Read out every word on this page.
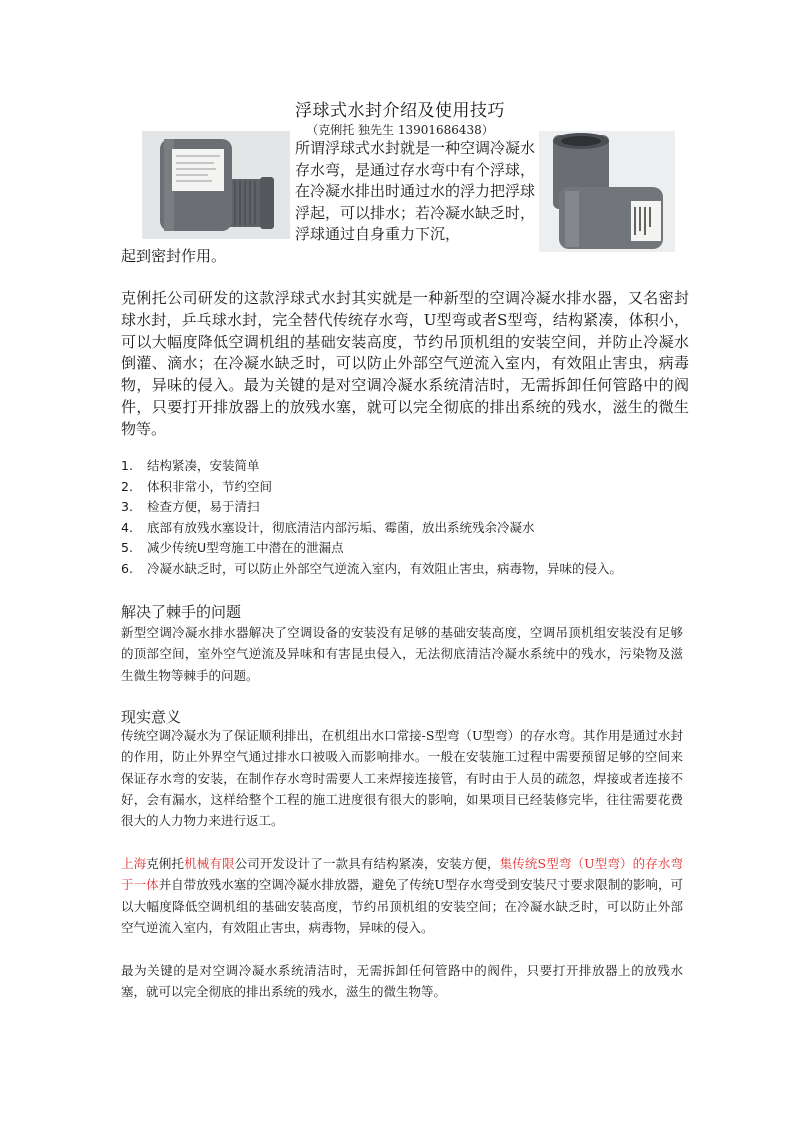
浮球式水封介绍及使用技巧
（克俐托 独先生 13901686438）
所谓浮球式水封就是一种空调冷凝水存水弯，是通过存水弯中有个浮球，在冷凝水排出时通过水的浮力把浮球浮起，可以排水；若冷凝水缺乏时，浮球通过自身重力下沉，
起到密封作用。
克俐托公司研发的这款浮球式水封其实就是一种新型的空调冷凝水排水器，又名密封球水封，乒乓球水封，完全替代传统存水弯，U型弯或者S型弯，结构紧凑，体积小，可以大幅度降低空调机组的基础安装高度，节约吊顶机组的安装空间，并防止冷凝水倒灌、滴水；在冷凝水缺乏时，可以防止外部空气逆流入室内，有效阻止害虫，病毒物，异味的侵入。最为关键的是对空调冷凝水系统清洁时，无需拆卸任何管路中的阀件，只要打开排放器上的放残水塞，就可以完全彻底的排出系统的残水，滋生的微生物等。
1. 结构紧凑，安装简单
2. 体积非常小，节约空间
3. 检查方便，易于清扫
4. 底部有放残水塞设计，彻底清洁内部污垢、霉菌，放出系统残余冷凝水
5. 减少传统U型弯施工中潜在的泄漏点
6. 冷凝水缺乏时，可以防止外部空气逆流入室内，有效阻止害虫，病毒物，异味的侵入。
解决了棘手的问题
新型空调冷凝水排水器解决了空调设备的安装没有足够的基础安装高度，空调吊顶机组安装没有足够的顶部空间，室外空气逆流及异味和有害昆虫侵入，无法彻底清洁冷凝水系统中的残水，污染物及滋生微生物等棘手的问题。
现实意义
传统空调冷凝水为了保证顺利排出，在机组出水口常接-S型弯（U型弯）的存水弯。其作用是通过水封的作用，防止外界空气通过排水口被吸入而影响排水。一般在安装施工过程中需要预留足够的空间来保证存水弯的安装，在制作存水弯时需要人工来焊接连接管，有时由于人员的疏忽，焊接或者连接不好，会有漏水，这样给整个工程的施工进度很有很大的影响，如果项目已经装修完毕，往往需要花费很大的人力物力来进行返工。
上海克俐托机械有限公司开发设计了一款具有结构紧凑，安装方便，集传统S型弯（U型弯）的存水弯于一体并自带放残水塞的空调冷凝水排放器，避免了传统U型存水弯受到安装尺寸要求限制的影响，可以大幅度降低空调机组的基础安装高度，节约吊顶机组的安装空间；在冷凝水缺乏时，可以防止外部空气逆流入室内，有效阻止害虫，病毒物，异味的侵入。
最为关键的是对空调冷凝水系统清洁时，无需拆卸任何管路中的阀件，只要打开排放器上的放残水塞，就可以完全彻底的排出系统的残水，滋生的微生物等。
